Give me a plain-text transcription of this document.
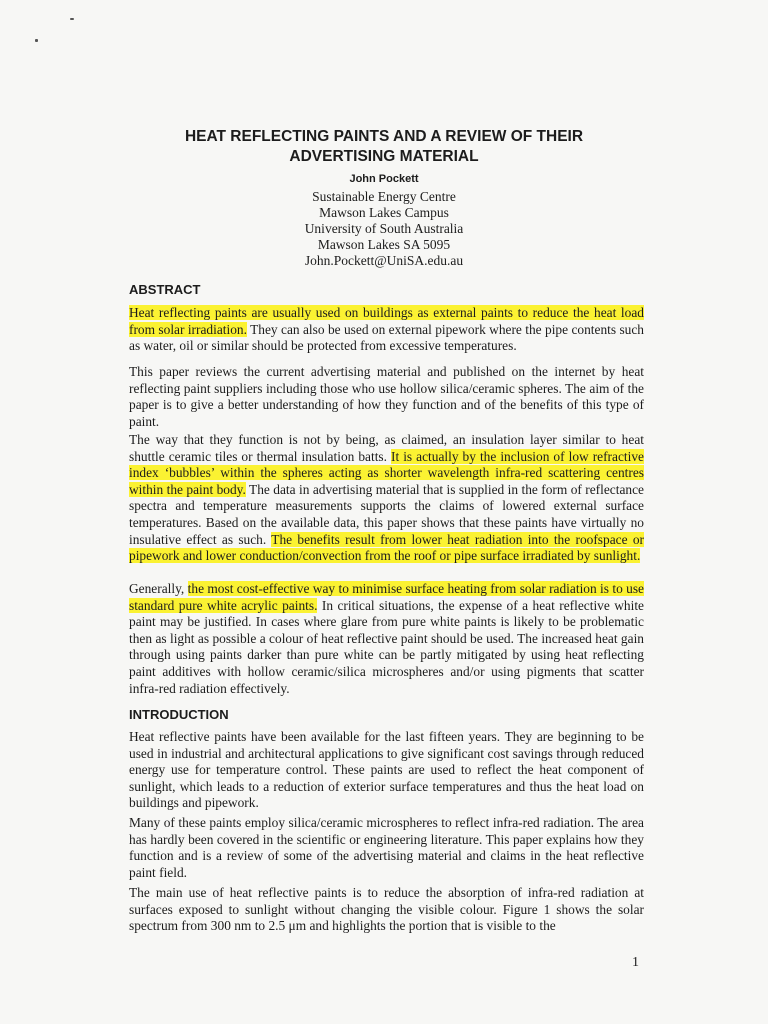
HEAT REFLECTING PAINTS AND A REVIEW OF THEIR
ADVERTISING MATERIAL
John Pockett
Sustainable Energy Centre
Mawson Lakes Campus
University of South Australia
Mawson Lakes SA 5095
John.Pockett@UniSA.edu.au
ABSTRACT

Heat reflecting paints are usually used on buildings as external paints to reduce the heat load from solar irradiation. They can also be used on external pipework where the pipe contents such as water, oil or similar should be protected from excessive temperatures.

This paper reviews the current advertising material and published on the internet by heat reflecting paint suppliers including those who use hollow silica/ceramic spheres. The aim of the paper is to give a better understanding of how they function and of the benefits of this type of paint.

The way that they function is not by being, as claimed, an insulation layer similar to heat shuttle ceramic tiles or thermal insulation batts. It is actually by the inclusion of low refractive index ‘bubbles’ within the spheres acting as shorter wavelength infra-red scattering centres within the paint body. The data in advertising material that is supplied in the form of reflectance spectra and temperature measurements supports the claims of lowered external surface temperatures. Based on the available data, this paper shows that these paints have virtually no insulative effect as such. The benefits result from lower heat radiation into the roofspace or pipework and lower conduction/convection from the roof or pipe surface irradiated by sunlight.

Generally, the most cost-effective way to minimise surface heating from solar radiation is to use standard pure white acrylic paints. In critical situations, the expense of a heat reflective white paint may be justified. In cases where glare from pure white paints is likely to be problematic then as light as possible a colour of heat reflective paint should be used. The increased heat gain through using paints darker than pure white can be partly mitigated by using heat reflecting paint additives with hollow ceramic/silica microspheres and/or using pigments that scatter infra-red radiation effectively.

INTRODUCTION

Heat reflective paints have been available for the last fifteen years. They are beginning to be used in industrial and architectural applications to give significant cost savings through reduced energy use for temperature control. These paints are used to reflect the heat component of sunlight, which leads to a reduction of exterior surface temperatures and thus the heat load on buildings and pipework.

Many of these paints employ silica/ceramic microspheres to reflect infra-red radiation. The area has hardly been covered in the scientific or engineering literature. This paper explains how they function and is a review of some of the advertising material and claims in the heat reflective paint field.

The main use of heat reflective paints is to reduce the absorption of infra-red radiation at surfaces exposed to sunlight without changing the visible colour. Figure 1 shows the solar spectrum from 300 nm to 2.5 μm and highlights the portion that is visible to the

1
